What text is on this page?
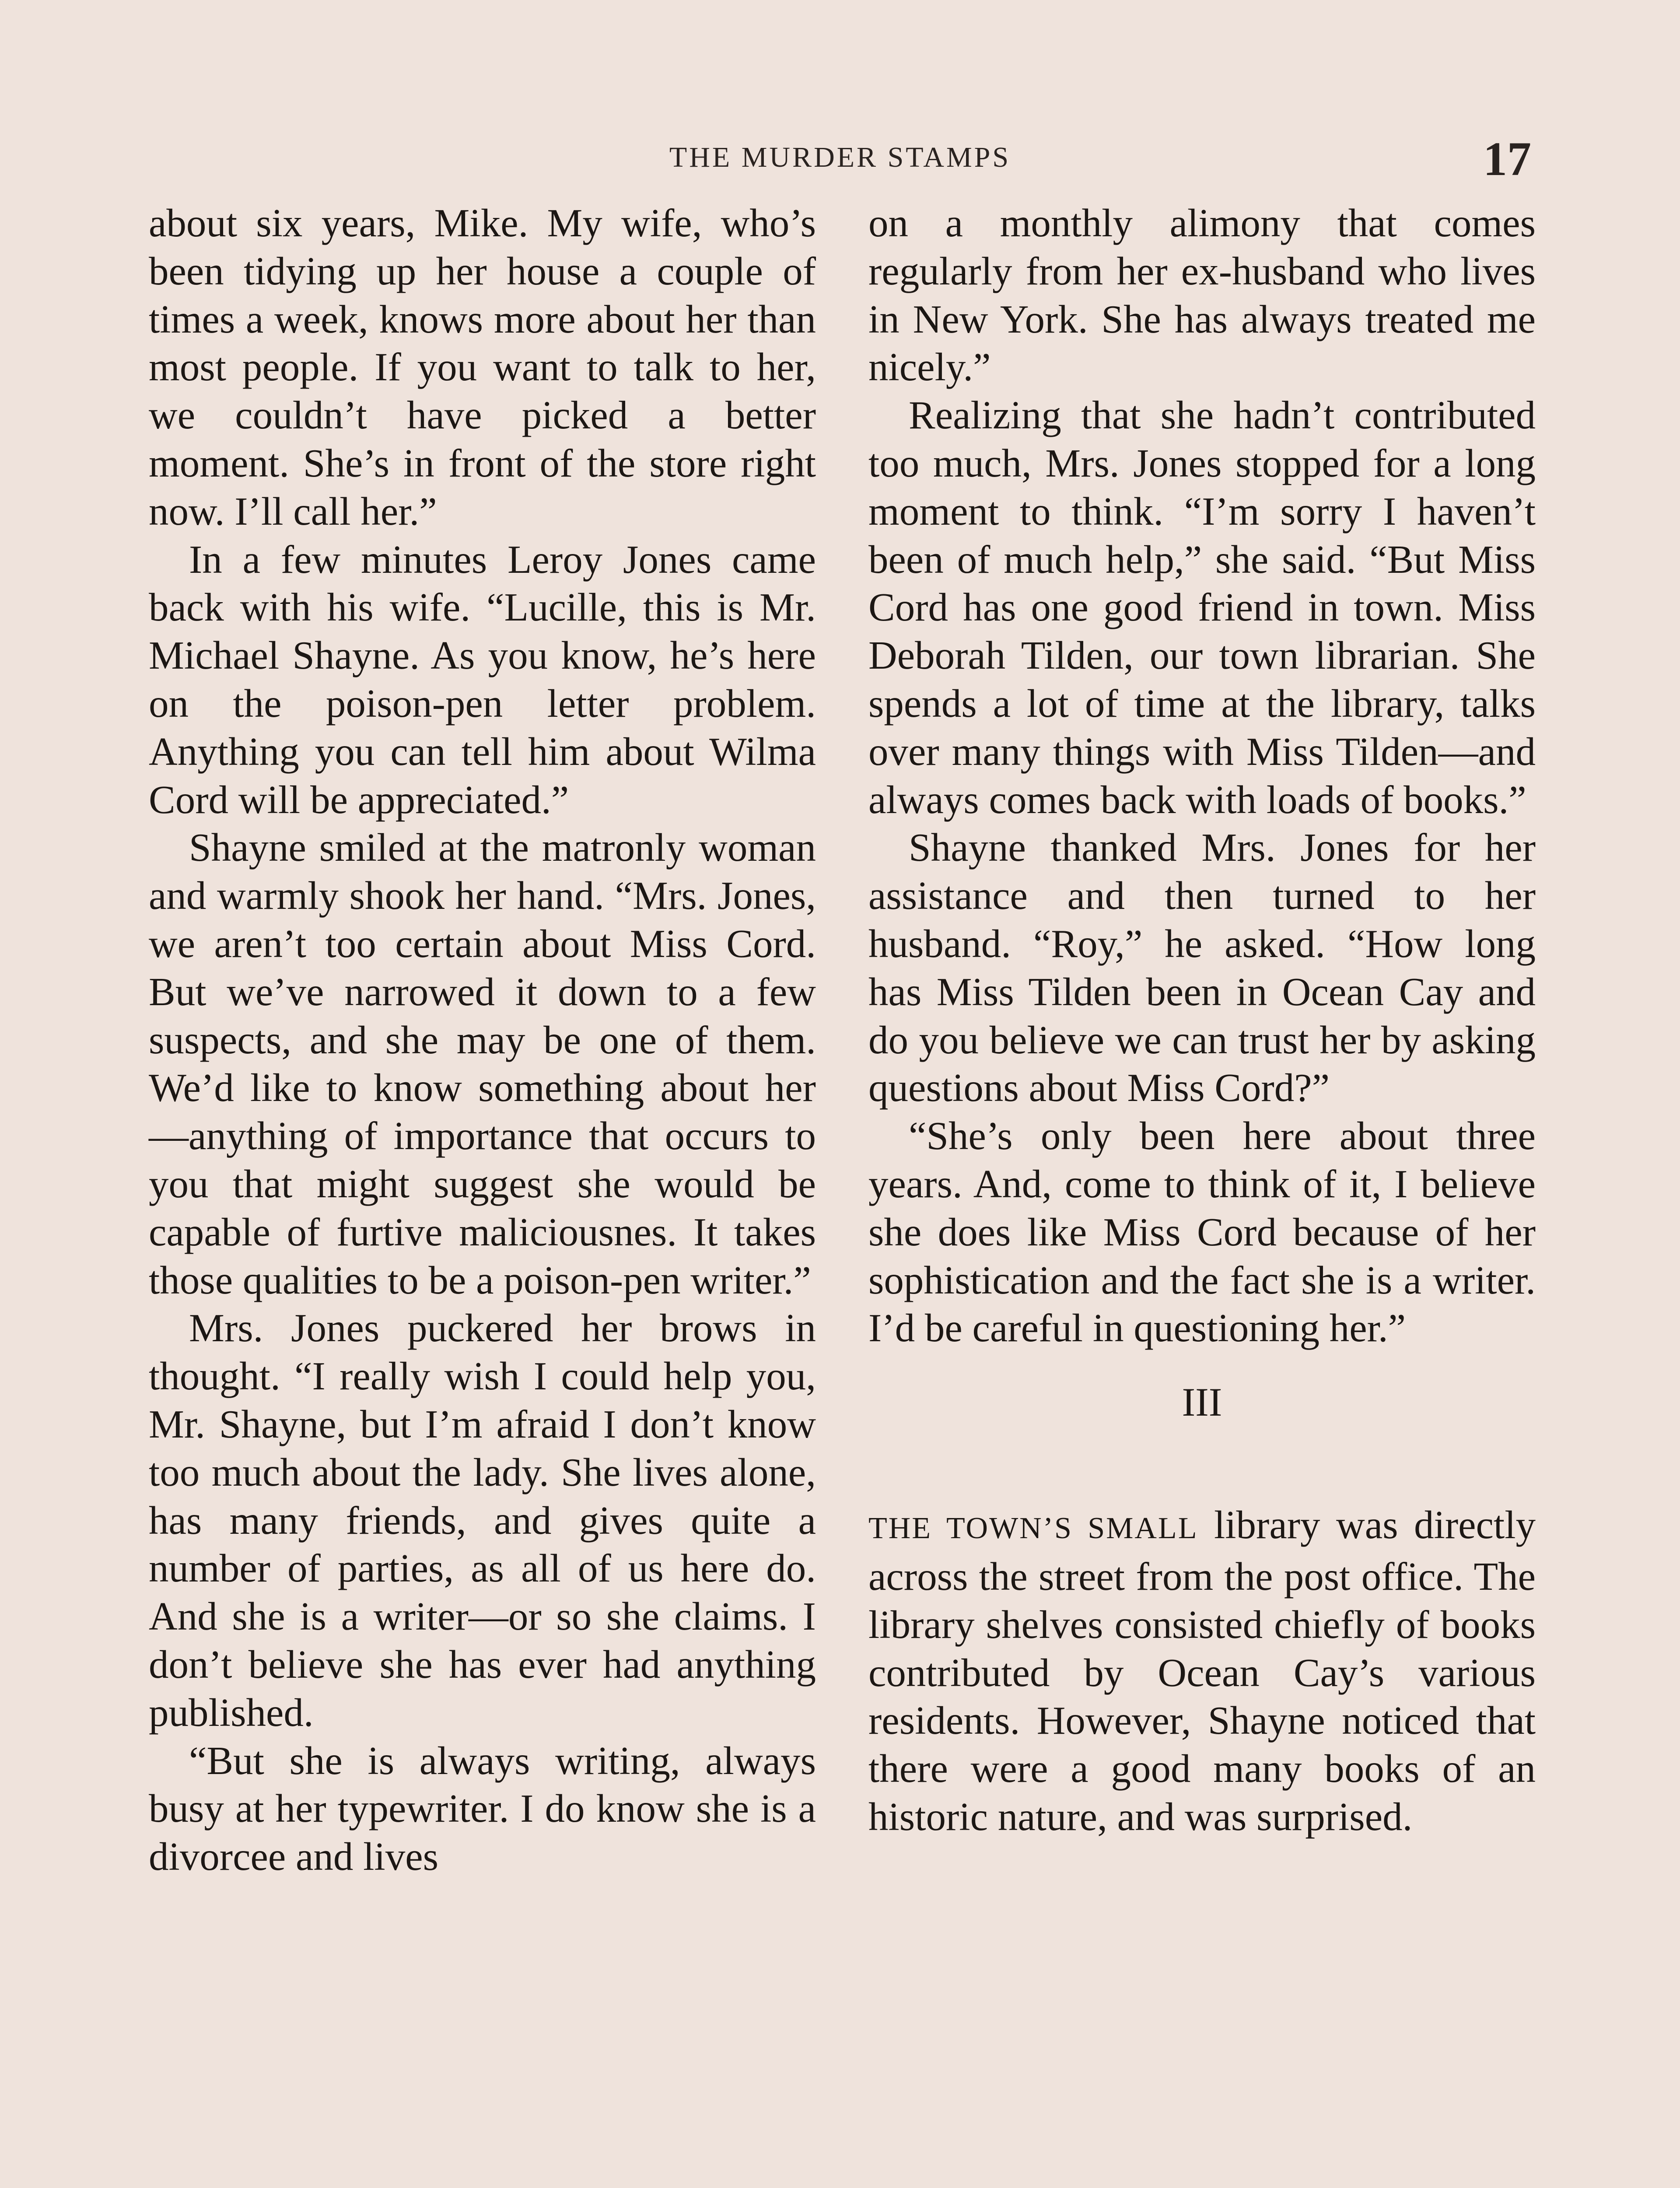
THE MURDER STAMPS	17

about six years, Mike. My wife, who’s been tidying up her house a couple of times a week, knows more about her than most people. If you want to talk to her, we couldn’t have picked a better moment. She’s in front of the store right now. I’ll call her.”

In a few minutes Leroy Jones came back with his wife. “Lucille, this is Mr. Michael Shayne. As you know, he’s here on the poison-pen letter problem. Anything you can tell him about Wilma Cord will be appreciated.”

Shayne smiled at the matronly woman and warmly shook her hand. “Mrs. Jones, we aren’t too certain about Miss Cord. But we’ve narrowed it down to a few suspects, and she may be one of them. We’d like to know something about her—anything of importance that occurs to you that might suggest she would be capable of furtive maliciousnes. It takes those qualities to be a poison-pen writer.”

Mrs. Jones puckered her brows in thought. “I really wish I could help you, Mr. Shayne, but I’m afraid I don’t know too much about the lady. She lives alone, has many friends, and gives quite a number of parties, as all of us here do. And she is a writer—or so she claims. I don’t believe she has ever had anything published.

“But she is always writing, always busy at her typewriter. I do know she is a divorcee and lives

on a monthly alimony that comes regularly from her ex-husband who lives in New York. She has always treated me nicely.”

Realizing that she hadn’t contributed too much, Mrs. Jones stopped for a long moment to think. “I’m sorry I haven’t been of much help,” she said. “But Miss Cord has one good friend in town. Miss Deborah Tilden, our town librarian. She spends a lot of time at the library, talks over many things with Miss Tilden—and always comes back with loads of books.”

Shayne thanked Mrs. Jones for her assistance and then turned to her husband. “Roy,” he asked. “How long has Miss Tilden been in Ocean Cay and do you believe we can trust her by asking questions about Miss Cord?”

“She’s only been here about three years. And, come to think of it, I believe she does like Miss Cord because of her sophistication and the fact she is a writer. I’d be careful in questioning her.”

III

THE TOWN’S SMALL library was directly across the street from the post office. The library shelves consisted chiefly of books contributed by Ocean Cay’s various residents. However, Shayne noticed that there were a good many books of an historic nature, and was surprised.
